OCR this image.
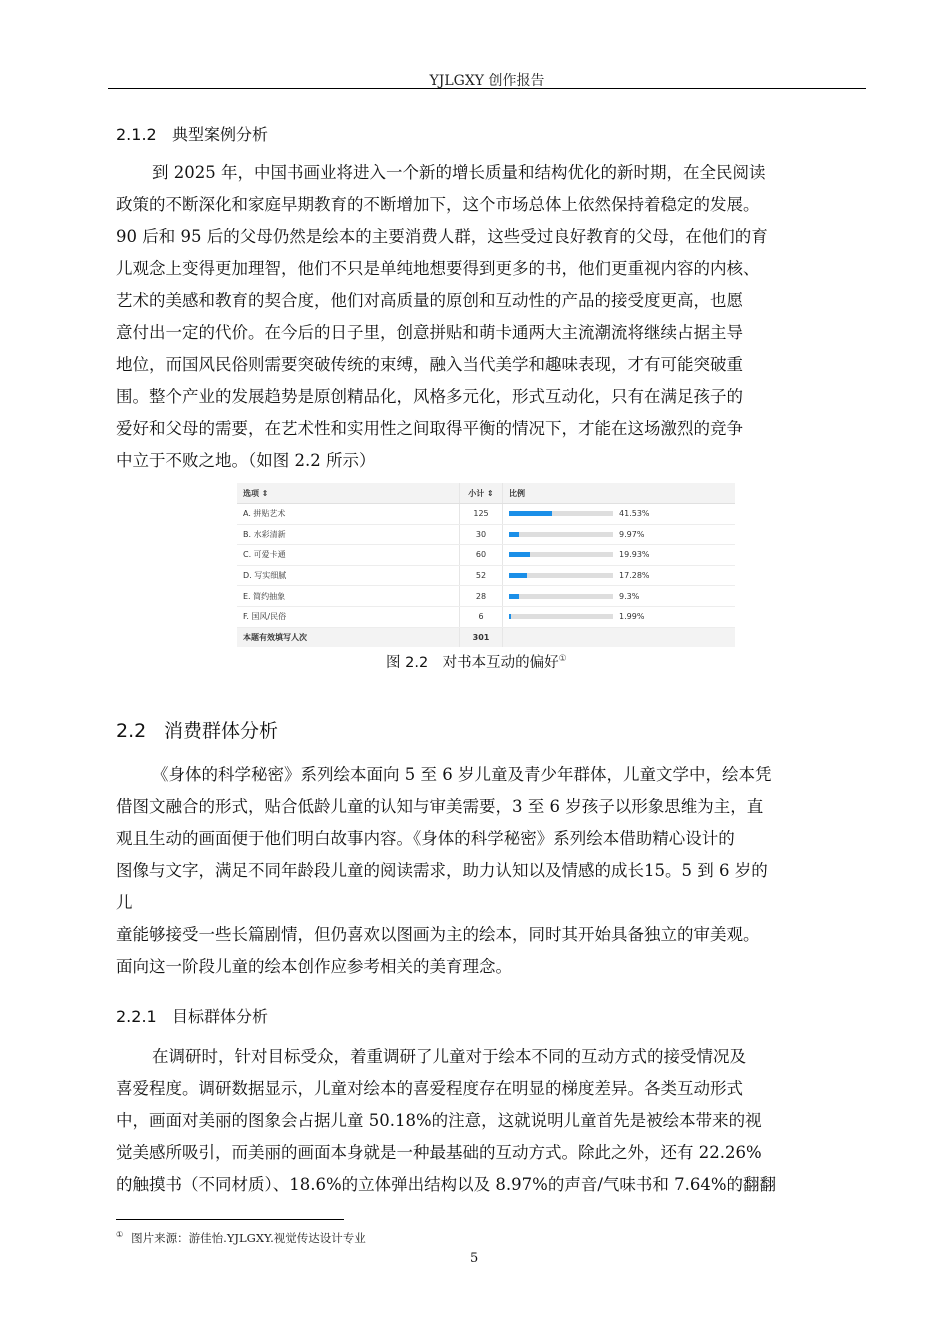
YJLGXY 创作报告
2.1.2 典型案例分析
到 2025 年，中国书画业将进入一个新的增长质量和结构优化的新时期，在全民阅读
政策的不断深化和家庭早期教育的不断增加下，这个市场总体上依然保持着稳定的发展。
90 后和 95 后的父母仍然是绘本的主要消费人群，这些受过良好教育的父母，在他们的育
儿观念上变得更加理智，他们不只是单纯地想要得到更多的书，他们更重视内容的内核、
艺术的美感和教育的契合度，他们对高质量的原创和互动性的产品的接受度更高，也愿
意付出一定的代价。在今后的日子里，创意拼贴和萌卡通两大主流潮流将继续占据主导
地位，而国风民俗则需要突破传统的束缚，融入当代美学和趣味表现，才有可能突破重
围。整个产业的发展趋势是原创精品化，风格多元化，形式互动化，只有在满足孩子的
爱好和父母的需要，在艺术性和实用性之间取得平衡的情况下，才能在这场激烈的竞争
中立于不败之地。（如图 2.2 所示）
选项 ⇕	小计 ⇕	比例
A. 拼贴艺术	125	41.53%
B. 水彩清新	30	9.97%
C. 可爱卡通	60	19.93%
D. 写实细腻	52	17.28%
E. 简约抽象	28	9.3%
F. 国风/民俗	6	1.99%
本题有效填写人次	301	
图 2.2　对书本互动的偏好①
2.2 消费群体分析
《身体的科学秘密》系列绘本面向 5 至 6 岁儿童及青少年群体，儿童文学中，绘本凭
借图文融合的形式，贴合低龄儿童的认知与审美需要，3 至 6 岁孩子以形象思维为主，直
观且生动的画面便于他们明白故事内容。《身体的科学秘密》系列绘本借助精心设计的
图像与文字，满足不同年龄段儿童的阅读需求，助力认知以及情感的成长15。5 到 6 岁的
儿
童能够接受一些长篇剧情，但仍喜欢以图画为主的绘本，同时其开始具备独立的审美观。
面向这一阶段儿童的绘本创作应参考相关的美育理念。
2.2.1 目标群体分析
在调研时，针对目标受众，着重调研了儿童对于绘本不同的互动方式的接受情况及
喜爱程度。调研数据显示，儿童对绘本的喜爱程度存在明显的梯度差异。各类互动形式
中，画面对美丽的图象会占据儿童 50.18%的注意，这就说明儿童首先是被绘本带来的视
觉美感所吸引，而美丽的画面本身就是一种最基础的互动方式。除此之外，还有 22.26%
的触摸书（不同材质）、18.6%的立体弹出结构以及 8.97%的声音/气味书和 7.64%的翻翻
① 图片来源：游佳怡.YJLGXY.视觉传达设计专业
5
